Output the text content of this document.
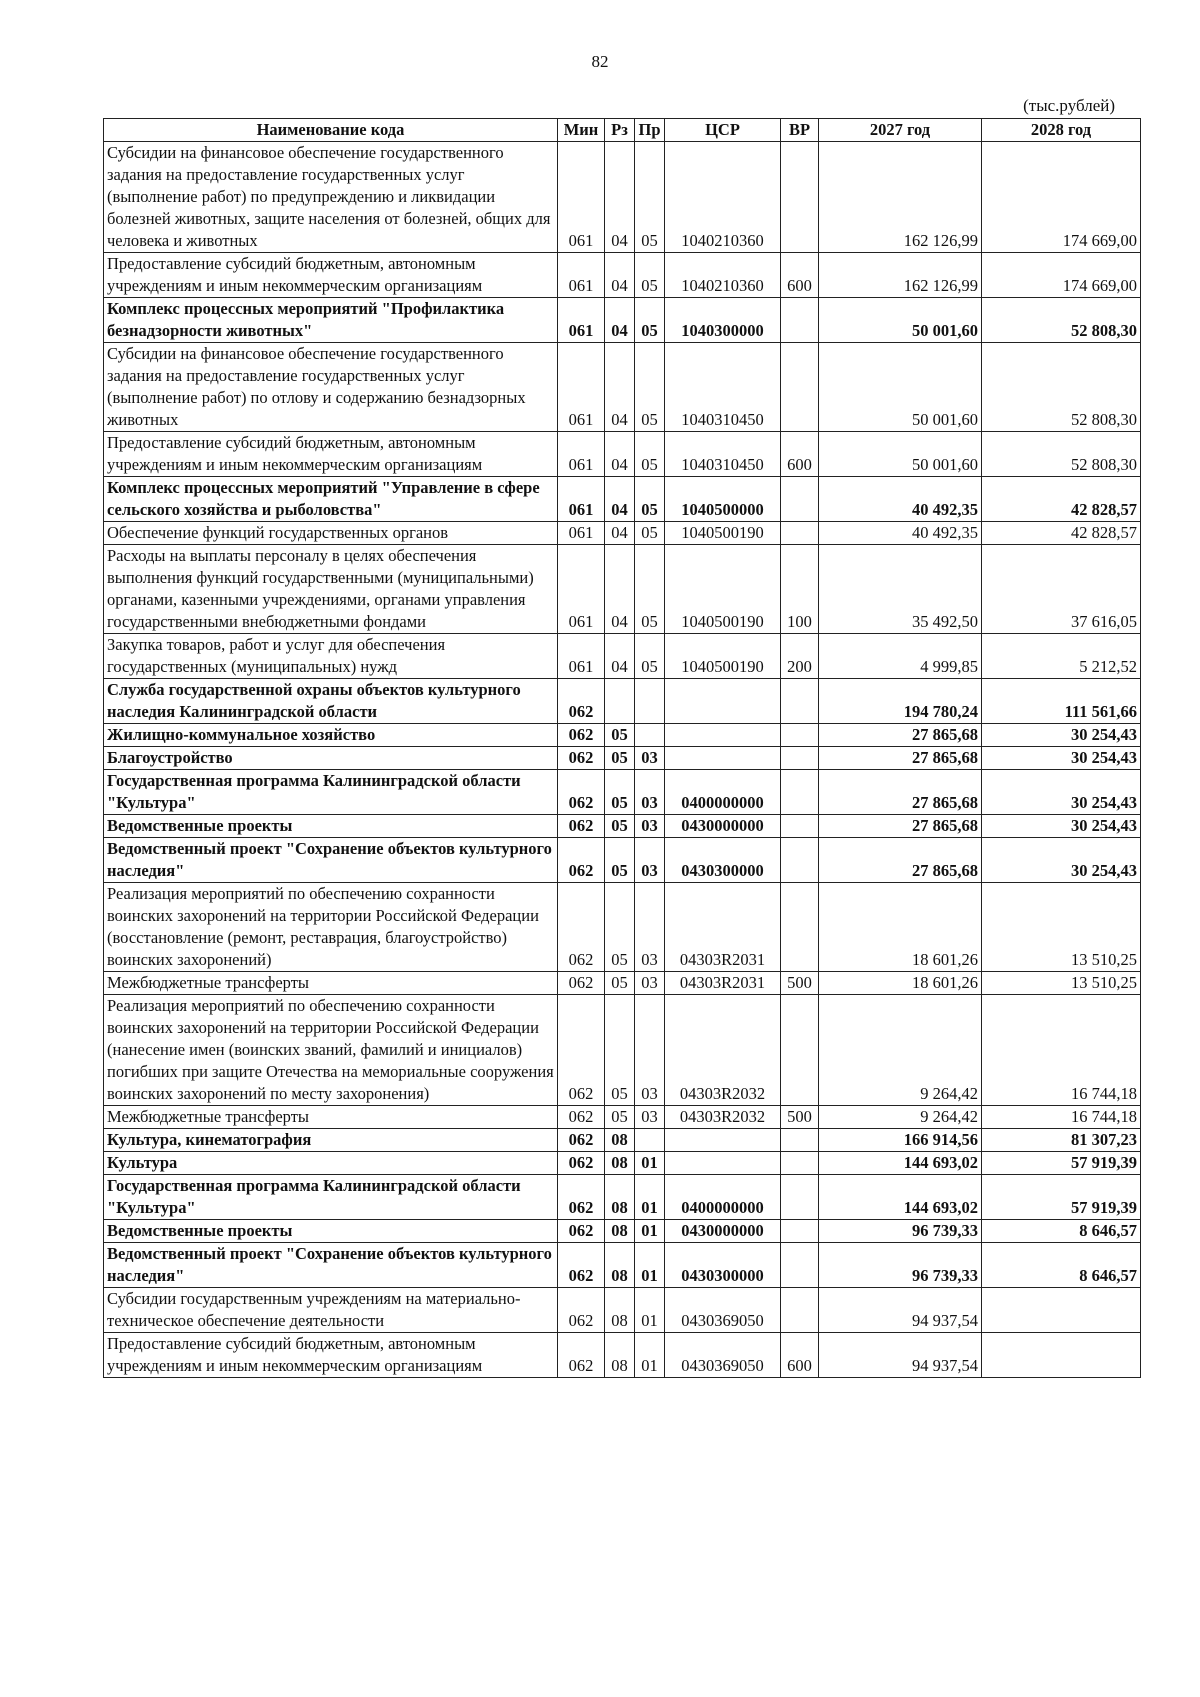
82
(тыс.рублей)
Наименование кода	Мин	Рз	Пр	ЦСР	ВР	2027 год	2028 год
Субсидии на финансовое обеспечение государственного задания на предоставление государственных услуг (выполнение работ) по предупреждению и ликвидации болезней животных, защите населения от болезней, общих для человека и животных	061	04	05	1040210360		162 126,99	174 669,00
Предоставление субсидий бюджетным, автономным учреждениям и иным некоммерческим организациям	061	04	05	1040210360	600	162 126,99	174 669,00
Комплекс процессных мероприятий "Профилактика безнадзорности животных"	061	04	05	1040300000		50 001,60	52 808,30
Субсидии на финансовое обеспечение государственного задания на предоставление государственных услуг (выполнение работ) по отлову и содержанию безнадзорных животных	061	04	05	1040310450		50 001,60	52 808,30
Предоставление субсидий бюджетным, автономным учреждениям и иным некоммерческим организациям	061	04	05	1040310450	600	50 001,60	52 808,30
Комплекс процессных мероприятий "Управление в сфере сельского хозяйства и рыболовства"	061	04	05	1040500000		40 492,35	42 828,57
Обеспечение функций государственных органов	061	04	05	1040500190		40 492,35	42 828,57
Расходы на выплаты персоналу в целях обеспечения выполнения функций государственными (муниципальными) органами, казенными учреждениями, органами управления государственными внебюджетными фондами	061	04	05	1040500190	100	35 492,50	37 616,05
Закупка товаров, работ и услуг для обеспечения государственных (муниципальных) нужд	061	04	05	1040500190	200	4 999,85	5 212,52
Служба государственной охраны объектов культурного наследия Калининградской области	062					194 780,24	111 561,66
Жилищно-коммунальное хозяйство	062	05				27 865,68	30 254,43
Благоустройство	062	05	03			27 865,68	30 254,43
Государственная программа Калининградской области "Культура"	062	05	03	0400000000		27 865,68	30 254,43
Ведомственные проекты	062	05	03	0430000000		27 865,68	30 254,43
Ведомственный проект "Сохранение объектов культурного наследия"	062	05	03	0430300000		27 865,68	30 254,43
Реализация мероприятий по обеспечению сохранности воинских захоронений на территории Российской Федерации (восстановление (ремонт, реставрация, благоустройство) воинских захоронений)	062	05	03	04303R2031		18 601,26	13 510,25
Межбюджетные трансферты	062	05	03	04303R2031	500	18 601,26	13 510,25
Реализация мероприятий по обеспечению сохранности воинских захоронений на территории Российской Федерации (нанесение имен (воинских званий, фамилий и инициалов) погибших при защите Отечества на мемориальные сооружения воинских захоронений по месту захоронения)	062	05	03	04303R2032		9 264,42	16 744,18
Межбюджетные трансферты	062	05	03	04303R2032	500	9 264,42	16 744,18
Культура, кинематография	062	08				166 914,56	81 307,23
Культура	062	08	01			144 693,02	57 919,39
Государственная программа Калининградской области "Культура"	062	08	01	0400000000		144 693,02	57 919,39
Ведомственные проекты	062	08	01	0430000000		96 739,33	8 646,57
Ведомственный проект "Сохранение объектов культурного наследия"	062	08	01	0430300000		96 739,33	8 646,57
Субсидии государственным учреждениям на материально-техническое обеспечение деятельности	062	08	01	0430369050		94 937,54	
Предоставление субсидий бюджетным, автономным учреждениям и иным некоммерческим организациям	062	08	01	0430369050	600	94 937,54	
